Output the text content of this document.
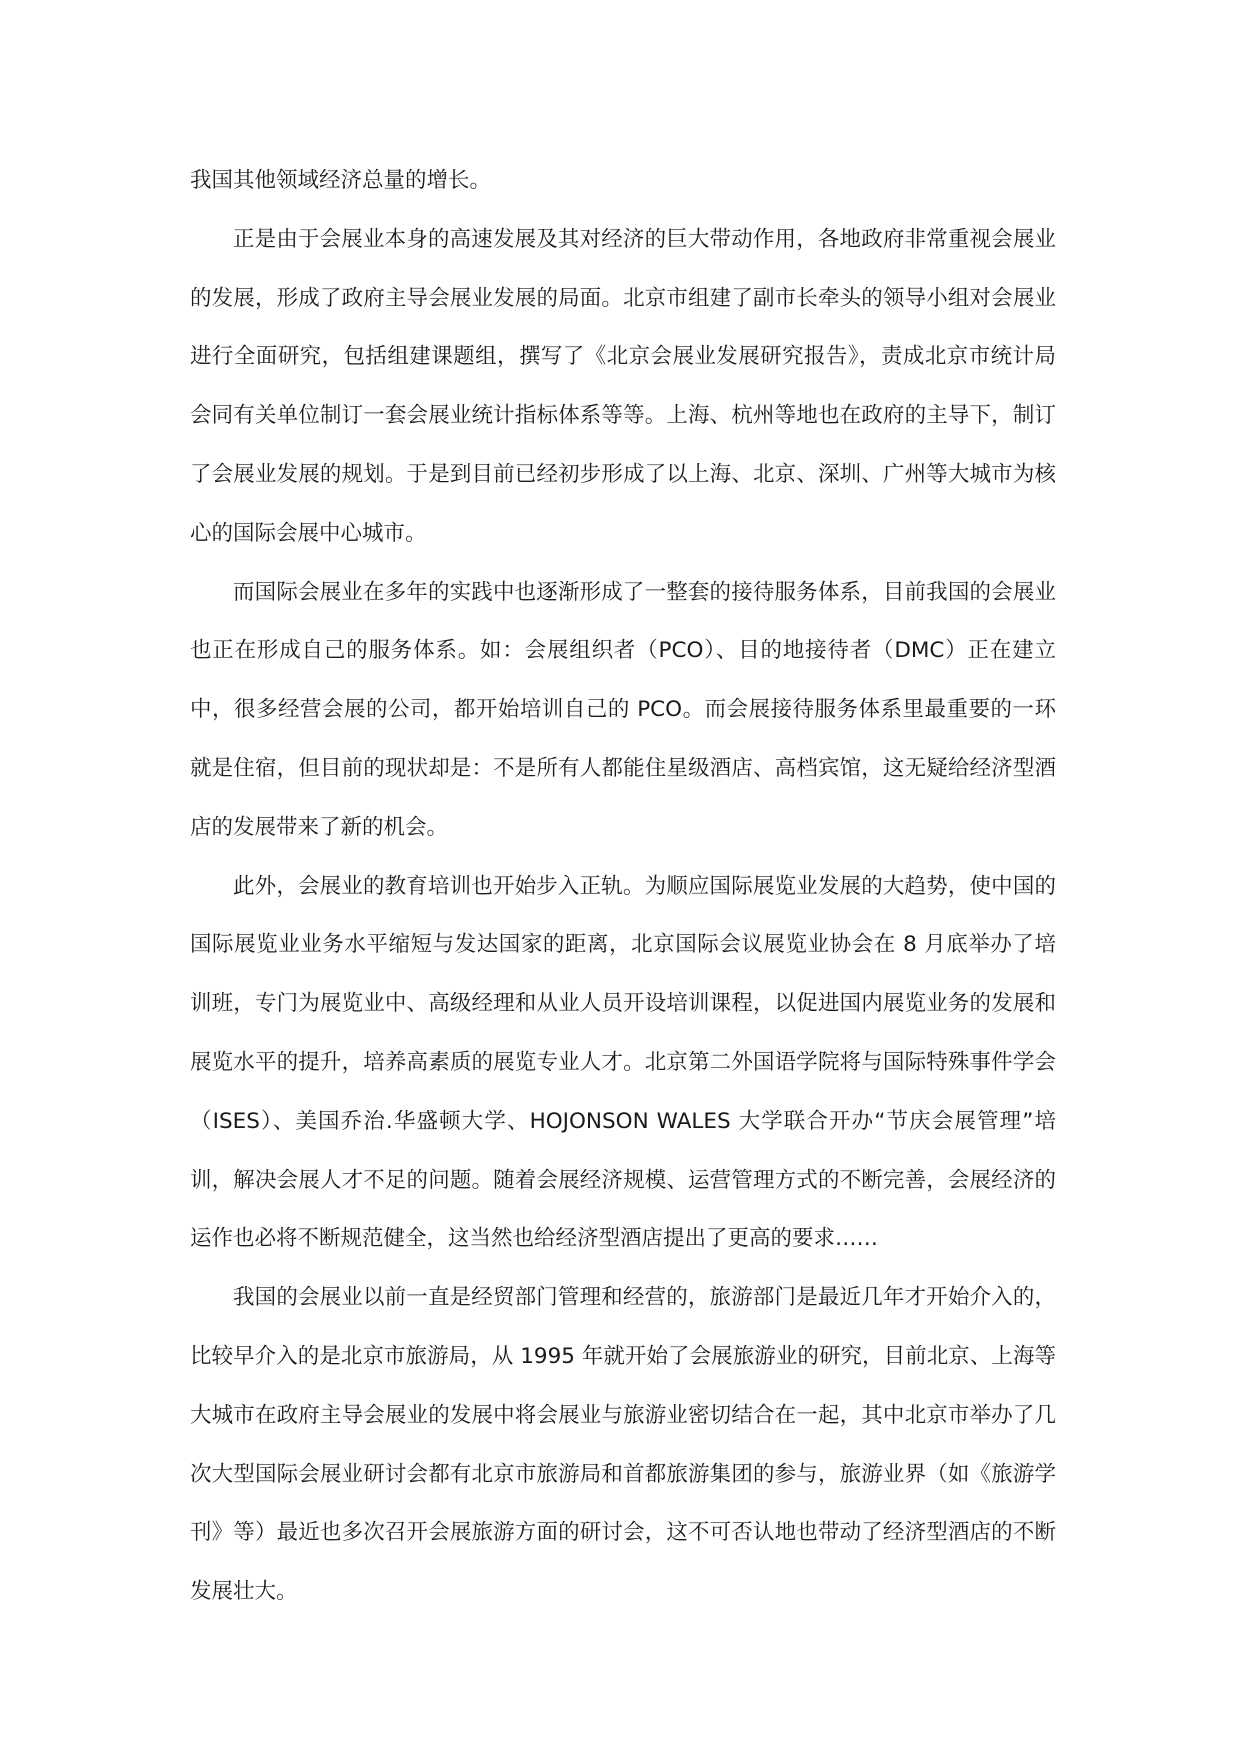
我国其他领域经济总量的增长。
正是由于会展业本身的高速发展及其对经济的巨大带动作用，各地政府非常重视会展业
的发展，形成了政府主导会展业发展的局面。北京市组建了副市长牵头的领导小组对会展业
进行全面研究，包括组建课题组，撰写了《北京会展业发展研究报告》，责成北京市统计局
会同有关单位制订一套会展业统计指标体系等等。上海、杭州等地也在政府的主导下，制订
了会展业发展的规划。于是到目前已经初步形成了以上海、北京、深圳、广州等大城市为核
心的国际会展中心城市。
而国际会展业在多年的实践中也逐渐形成了一整套的接待服务体系，目前我国的会展业
也正在形成自己的服务体系。如：会展组织者（PCO）、目的地接待者（DMC）正在建立
中，很多经营会展的公司，都开始培训自己的 PCO。而会展接待服务体系里最重要的一环
就是住宿，但目前的现状却是：不是所有人都能住星级酒店、高档宾馆，这无疑给经济型酒
店的发展带来了新的机会。
此外，会展业的教育培训也开始步入正轨。为顺应国际展览业发展的大趋势，使中国的
国际展览业业务水平缩短与发达国家的距离，北京国际会议展览业协会在 8 月底举办了培
训班，专门为展览业中、高级经理和从业人员开设培训课程，以促进国内展览业务的发展和
展览水平的提升，培养高素质的展览专业人才。北京第二外国语学院将与国际特殊事件学会
（ISES）、美国乔治.华盛顿大学、HOJONSON WALES 大学联合开办“节庆会展管理”培
训，解决会展人才不足的问题。随着会展经济规模、运营管理方式的不断完善，会展经济的
运作也必将不断规范健全，这当然也给经济型酒店提出了更高的要求……
我国的会展业以前一直是经贸部门管理和经营的，旅游部门是最近几年才开始介入的，
比较早介入的是北京市旅游局，从 1995 年就开始了会展旅游业的研究，目前北京、上海等
大城市在政府主导会展业的发展中将会展业与旅游业密切结合在一起，其中北京市举办了几
次大型国际会展业研讨会都有北京市旅游局和首都旅游集团的参与，旅游业界（如《旅游学
刊》等）最近也多次召开会展旅游方面的研讨会，这不可否认地也带动了经济型酒店的不断
发展壮大。
